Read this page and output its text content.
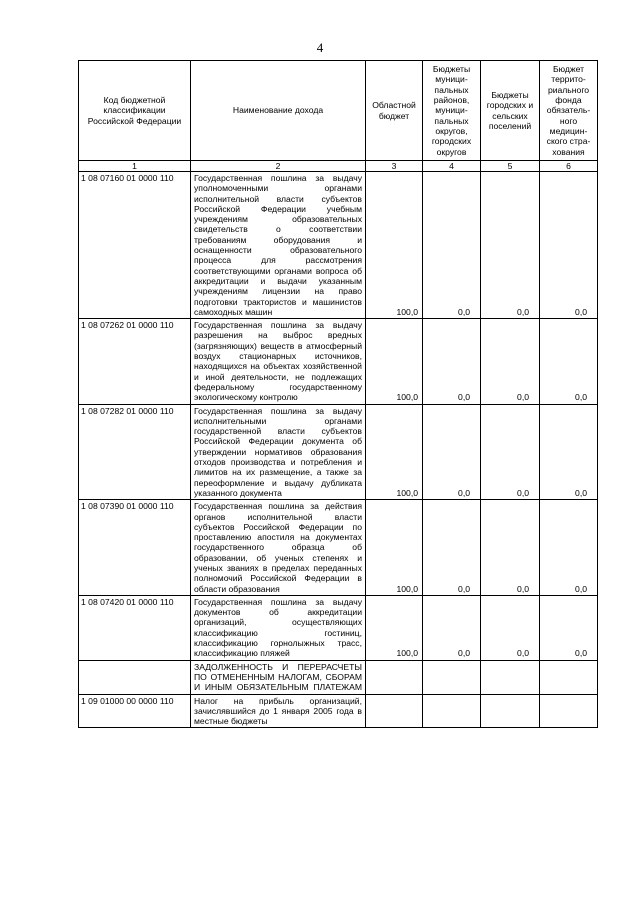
4
Код бюджетной классификации Российской Федерации	Наименование дохода	Областной бюджет	Бюджеты муници-пальных районов, муници-пальных округов, городских округов	Бюджеты городских и сельских поселений	Бюджет террито-риального фонда обязатель-ного медицин-ского стра-хования
1	2	3	4	5	6
1 08 07160 01 0000 110	Государственная пошлина за выдачу уполномоченными органами исполнительной власти субъектов Российской Федерации учебным учреждениям образовательных свидетельств о соответствии требованиям оборудования и оснащенности образовательного процесса для рассмотрения соответствующими органами вопроса об аккредитации и выдачи указанным учреждениям лицензии на право подготовки трактористов и машинистов самоходных машин	100,0	0,0	0,0	0,0
1 08 07262 01 0000 110	Государственная пошлина за выдачу разрешения на выброс вредных (загрязняющих) веществ в атмосферный воздух стационарных источников, находящихся на объектах хозяйственной и иной деятельности, не подлежащих федеральному государственному экологическому контролю	100,0	0,0	0,0	0,0
1 08 07282 01 0000 110	Государственная пошлина за выдачу исполнительными органами государственной власти субъектов Российской Федерации документа об утверждении нормативов образования отходов производства и потребления и лимитов на их размещение, а также за переоформление и выдачу дубликата указанного документа	100,0	0,0	0,0	0,0
1 08 07390 01 0000 110	Государственная пошлина за действия органов исполнительной власти субъектов Российской Федерации по проставлению апостиля на документах государственного образца об образовании, об ученых степенях и ученых званиях в пределах переданных полномочий Российской Федерации в области образования	100,0	0,0	0,0	0,0
1 08 07420 01 0000 110	Государственная пошлина за выдачу документов об аккредитации организаций, осуществляющих классификацию гостиниц, классификацию горнолыжных трасс, классификацию пляжей	100,0	0,0	0,0	0,0
	ЗАДОЛЖЕННОСТЬ И ПЕРЕРАСЧЕТЫ ПО ОТМЕНЕННЫМ НАЛОГАМ, СБОРАМ И ИНЫМ ОБЯЗАТЕЛЬНЫМ ПЛАТЕЖАМ				
1 09 01000 00 0000 110	Налог на прибыль организаций, зачислявшийся до 1 января 2005 года в местные бюджеты				
